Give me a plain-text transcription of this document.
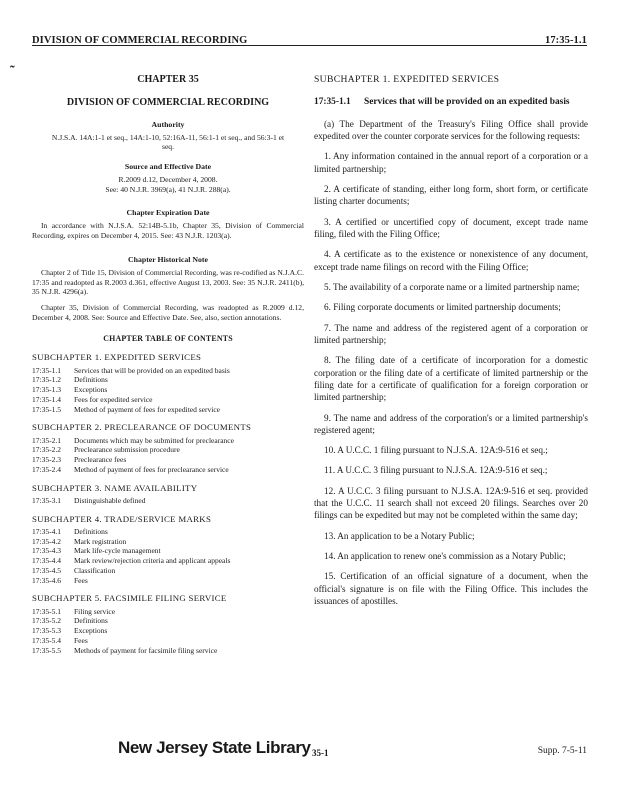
DIVISION OF COMMERCIAL RECORDING	17:35-1.1
˜
CHAPTER 35
DIVISION OF COMMERCIAL RECORDING
Authority
N.J.S.A. 14A:1-1 et seq., 14A:1-10, 52:16A-11, 56:1-1 et seq., and 56:3-1 et seq.
Source and Effective Date
R.2009 d.12, December 4, 2008.
See: 40 N.J.R. 3969(a), 41 N.J.R. 288(a).
Chapter Expiration Date
In accordance with N.J.S.A. 52:14B-5.1b, Chapter 35, Division of Commercial Recording, expires on December 4, 2015. See: 43 N.J.R. 1203(a).
Chapter Historical Note
Chapter 2 of Title 15, Division of Commercial Recording, was re-codified as N.J.A.C. 17:35 and readopted as R.2003 d.361, effective August 13, 2003. See: 35 N.J.R. 2411(b), 35 N.J.R. 4296(a).
Chapter 35, Division of Commercial Recording, was readopted as R.2009 d.12, December 4, 2008. See: Source and Effective Date. See, also, section annotations.
CHAPTER TABLE OF CONTENTS
SUBCHAPTER 1. EXPEDITED SERVICES
17:35-1.1	Services that will be provided on an expedited basis
17:35-1.2	Definitions
17:35-1.3	Exceptions
17:35-1.4	Fees for expedited service
17:35-1.5	Method of payment of fees for expedited service
SUBCHAPTER 2. PRECLEARANCE OF DOCUMENTS
17:35-2.1	Documents which may be submitted for preclearance
17:35-2.2	Preclearance submission procedure
17:35-2.3	Preclearance fees
17:35-2.4	Method of payment of fees for preclearance service
SUBCHAPTER 3. NAME AVAILABILITY
17:35-3.1	Distinguishable defined
SUBCHAPTER 4. TRADE/SERVICE MARKS
17:35-4.1	Definitions
17:35-4.2	Mark registration
17:35-4.3	Mark life-cycle management
17:35-4.4	Mark review/rejection criteria and applicant appeals
17:35-4.5	Classification
17:35-4.6	Fees
SUBCHAPTER 5. FACSIMILE FILING SERVICE
17:35-5.1	Filing service
17:35-5.2	Definitions
17:35-5.3	Exceptions
17:35-5.4	Fees
17:35-5.5	Methods of payment for facsimile filing service
SUBCHAPTER 1. EXPEDITED SERVICES
17:35-1.1	Services that will be provided on an expedited basis
(a) The Department of the Treasury's Filing Office shall provide expedited over the counter corporate services for the following requests:
1. Any information contained in the annual report of a corporation or a limited partnership;
2. A certificate of standing, either long form, short form, or certificate listing charter documents;
3. A certified or uncertified copy of document, except trade name filing, filed with the Filing Office;
4. A certificate as to the existence or nonexistence of any document, except trade name filings on record with the Filing Office;
5. The availability of a corporate name or a limited partnership name;
6. Filing corporate documents or limited partnership documents;
7. The name and address of the registered agent of a corporation or limited partnership;
8. The filing date of a certificate of incorporation for a domestic corporation or the filing date of a certificate of limited partnership or the filing date for a certificate of qualification for a foreign corporation or limited partnership;
9. The name and address of the corporation's or a limited partnership's registered agent;
10. A U.C.C. 1 filing pursuant to N.J.S.A. 12A:9-516 et seq.;
11. A U.C.C. 3 filing pursuant to N.J.S.A. 12A:9-516 et seq.;
12. A U.C.C. 3 filing pursuant to N.J.S.A. 12A:9-516 et seq. provided that the U.C.C. 11 search shall not exceed 20 filings. Searches over 20 filings can be expedited but may not be completed within the same day;
13. An application to be a Notary Public;
14. An application to renew one's commission as a Notary Public;
15. Certification of an official signature of a document, when the official's signature is on file with the Filing Office. This includes the issuances of apostilles.
New Jersey State Library 35-1	Supp. 7-5-11
